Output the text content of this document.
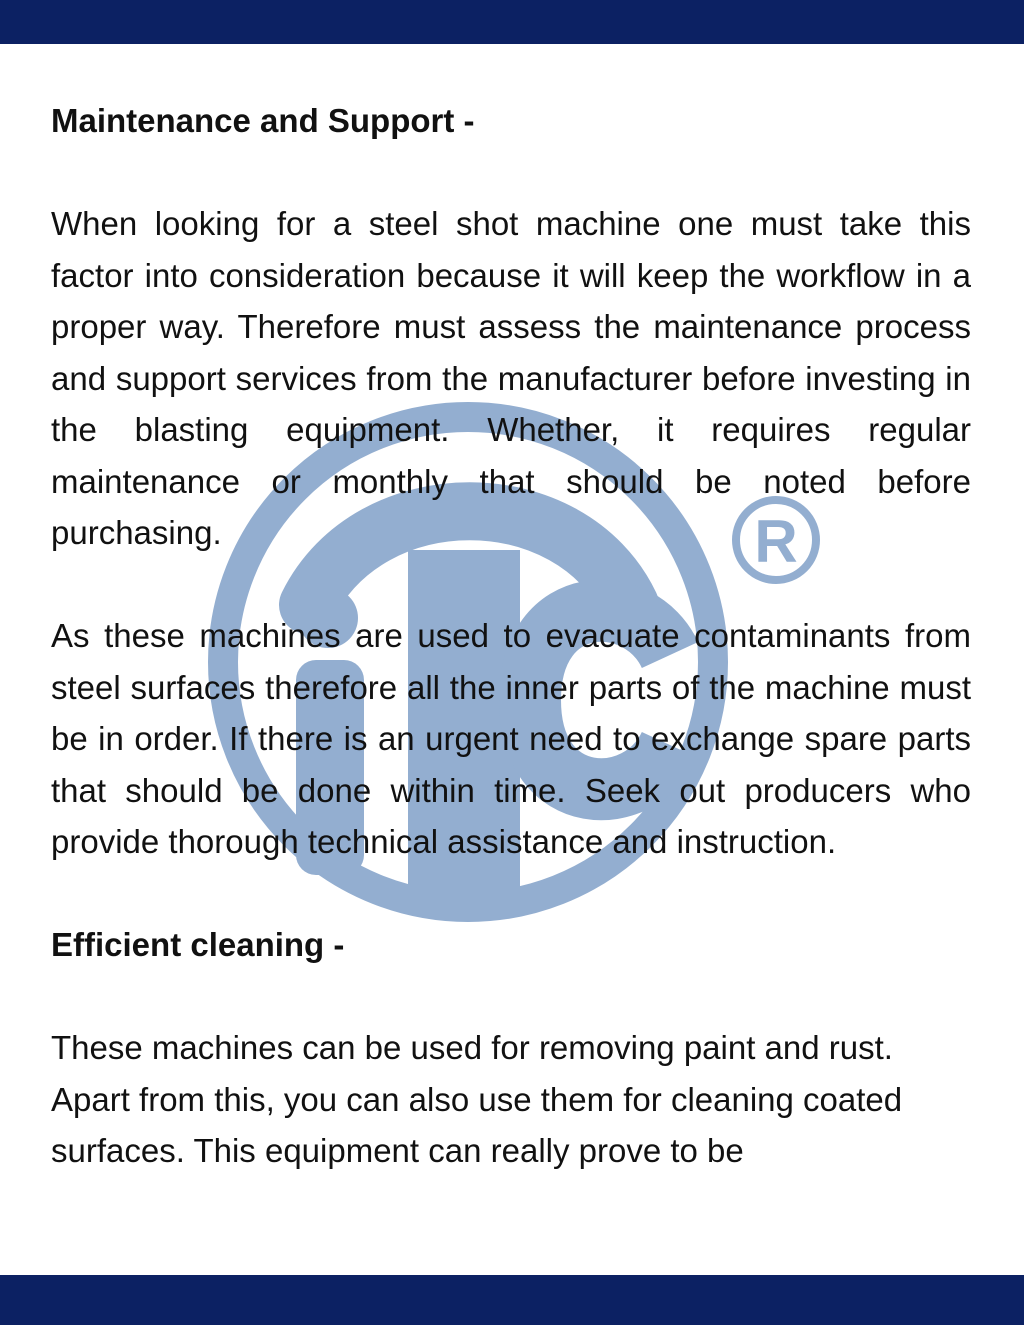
R
Maintenance and Support -

When looking for a steel shot machine one must take this factor into consideration because it will keep the workflow in a proper way. Therefore must assess the maintenance process and support services from the manufacturer before investing in the blasting equipment. Whether, it requires regular maintenance or monthly that should be noted before purchasing.

As these machines are used to evacuate contaminants from steel surfaces therefore all the inner parts of the machine must be in order. If there is an urgent need to exchange spare parts that should be done within time. Seek out producers who provide thorough technical assistance and instruction.

Efficient cleaning -

These machines can be used for removing paint and rust. Apart from this, you can also use them for cleaning coated surfaces. This equipment can really prove to be
